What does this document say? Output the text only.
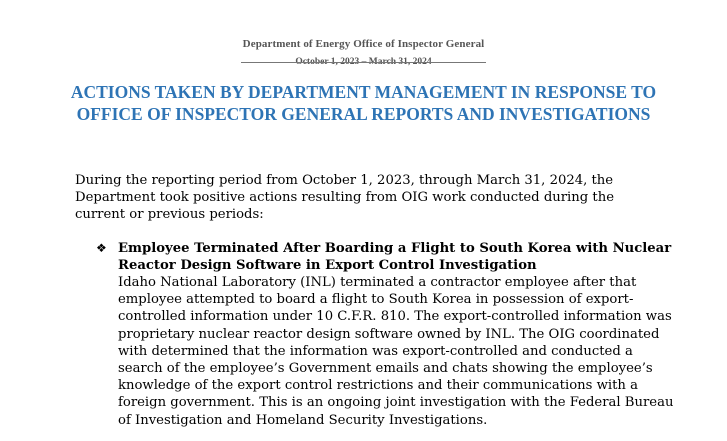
Department of Energy Office of Inspector General
October 1, 2023 – March 31, 2024
ACTIONS TAKEN BY DEPARTMENT MANAGEMENT IN RESPONSE TO OFFICE OF INSPECTOR GENERAL REPORTS AND INVESTIGATIONS

During the reporting period from October 1, 2023, through March 31, 2024, the Department took positive actions resulting from OIG work conducted during the current or previous periods:

❖ Employee Terminated After Boarding a Flight to South Korea with Nuclear Reactor Design Software in Export Control Investigation

Idaho National Laboratory (INL) terminated a contractor employee after that employee attempted to board a flight to South Korea in possession of export-controlled information under 10 C.F.R. 810. The export-controlled information was proprietary nuclear reactor design software owned by INL. The OIG coordinated with determined that the information was export-controlled and conducted a search of the employee’s Government emails and chats showing the employee’s knowledge of the export control restrictions and their communications with a foreign government. This is an ongoing joint investigation with the Federal Bureau of Investigation and Homeland Security Investigations.
